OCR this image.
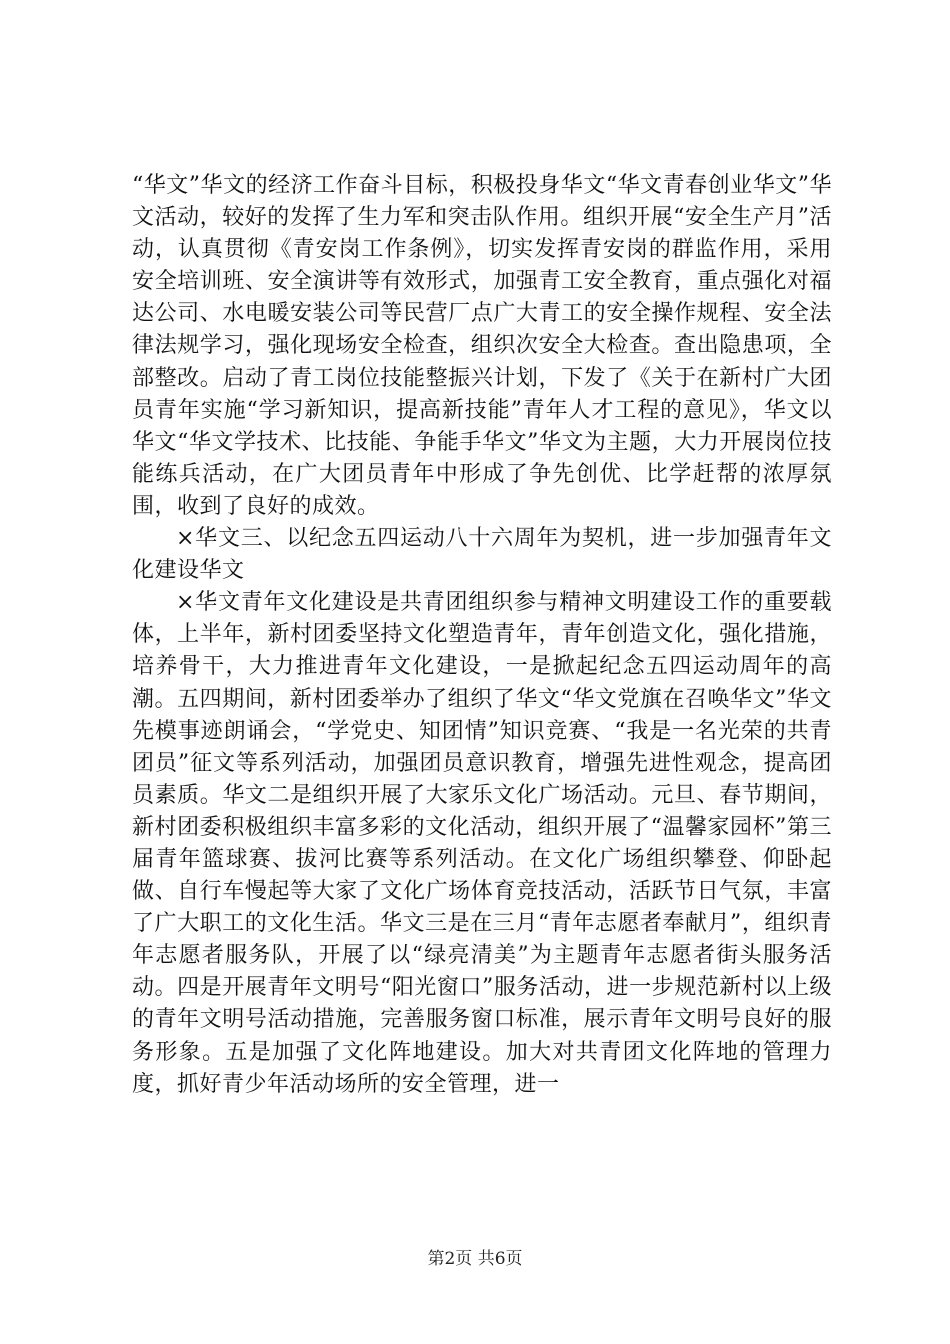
“华文”华文的经济工作奋斗目标，积极投身华文“华文青春创业华文”华文活动，较好的发挥了生力军和突击队作用。组织开展“安全生产月”活动，认真贯彻《青安岗工作条例》，切实发挥青安岗的群监作用，采用安全培训班、安全演讲等有效形式，加强青工安全教育，重点强化对福达公司、水电暖安装公司等民营厂点广大青工的安全操作规程、安全法律法规学习，强化现场安全检查，组织次安全大检查。查出隐患项，全部整改。启动了青工岗位技能整振兴计划，下发了《关于在新村广大团员青年实施“学习新知识，提高新技能”青年人才工程的意见》，华文以华文“华文学技术、比技能、争能手华文”华文为主题，大力开展岗位技能练兵活动，在广大团员青年中形成了争先创优、比学赶帮的浓厚氛围，收到了良好的成效。

×华文三、以纪念五四运动八十六周年为契机，进一步加强青年文化建设华文

×华文青年文化建设是共青团组织参与精神文明建设工作的重要载体，上半年，新村团委坚持文化塑造青年，青年创造文化，强化措施，培养骨干，大力推进青年文化建设，一是掀起纪念五四运动周年的高潮。五四期间，新村团委举办了组织了华文“华文党旗在召唤华文”华文先模事迹朗诵会，“学党史、知团情”知识竞赛、“我是一名光荣的共青团员”征文等系列活动，加强团员意识教育，增强先进性观念，提高团员素质。华文二是组织开展了大家乐文化广场活动。元旦、春节期间，新村团委积极组织丰富多彩的文化活动，组织开展了“温馨家园杯”第三届青年篮球赛、拔河比赛等系列活动。在文化广场组织攀登、仰卧起做、自行车慢起等大家了文化广场体育竞技活动，活跃节日气氛，丰富了广大职工的文化生活。华文三是在三月“青年志愿者奉献月”，组织青年志愿者服务队，开展了以“绿亮清美”为主题青年志愿者街头服务活动。四是开展青年文明号“阳光窗口”服务活动，进一步规范新村以上级的青年文明号活动措施，完善服务窗口标准，展示青年文明号良好的服务形象。五是加强了文化阵地建设。加大对共青团文化阵地的管理力度，抓好青少年活动场所的安全管理，进一

第2页 共6页
